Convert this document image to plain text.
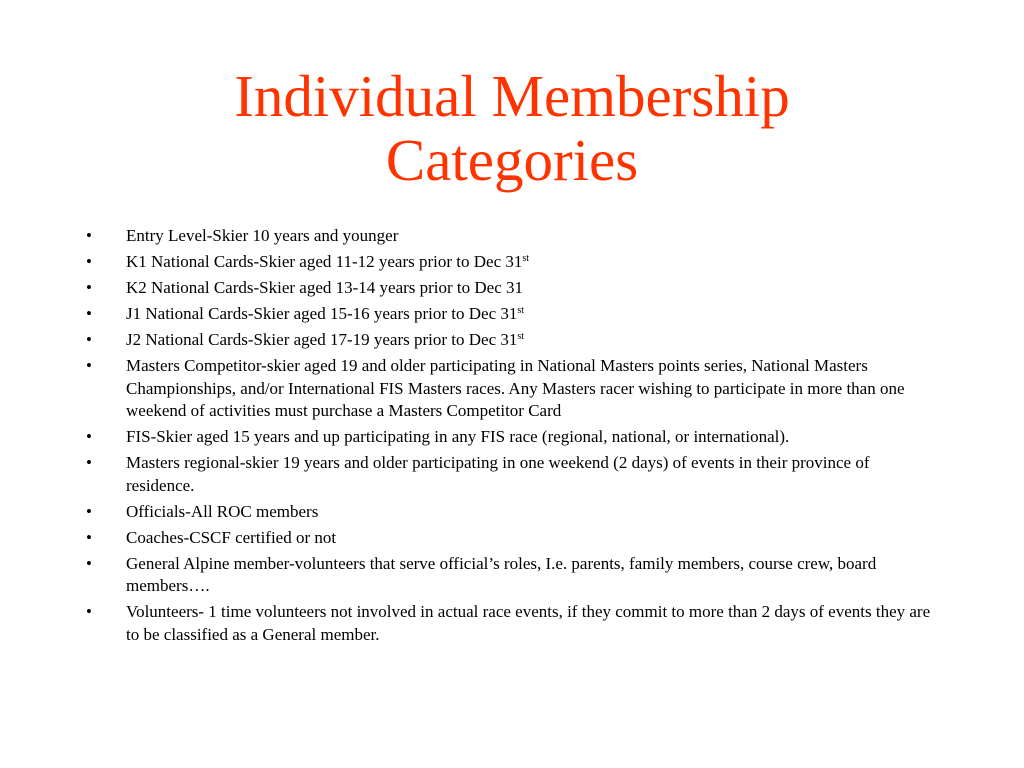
Individual Membership
Categories
•	Entry Level-Skier 10 years and younger
•	K1 National Cards-Skier aged 11-12 years prior to Dec 31st
•	K2 National Cards-Skier aged 13-14 years prior to Dec 31
•	J1 National Cards-Skier aged 15-16 years prior to Dec 31st
•	J2 National Cards-Skier aged 17-19 years prior to Dec 31st
•	Masters Competitor-skier aged 19 and older participating in National Masters points series, National Masters Championships, and/or International FIS Masters races. Any Masters racer wishing to participate in more than one weekend of activities must purchase a Masters Competitor Card
•	FIS-Skier aged 15 years and up participating in any FIS race (regional, national, or international).
•	Masters regional-skier 19 years and older participating in one weekend (2 days) of events in their province of residence.
•	Officials-All ROC members
•	Coaches-CSCF certified or not
•	General Alpine member-volunteers that serve official’s roles, I.e. parents, family members, course crew, board members….
•	Volunteers- 1 time volunteers not involved in actual race events, if they commit to more than 2 days of events they are to be classified as a General member.
